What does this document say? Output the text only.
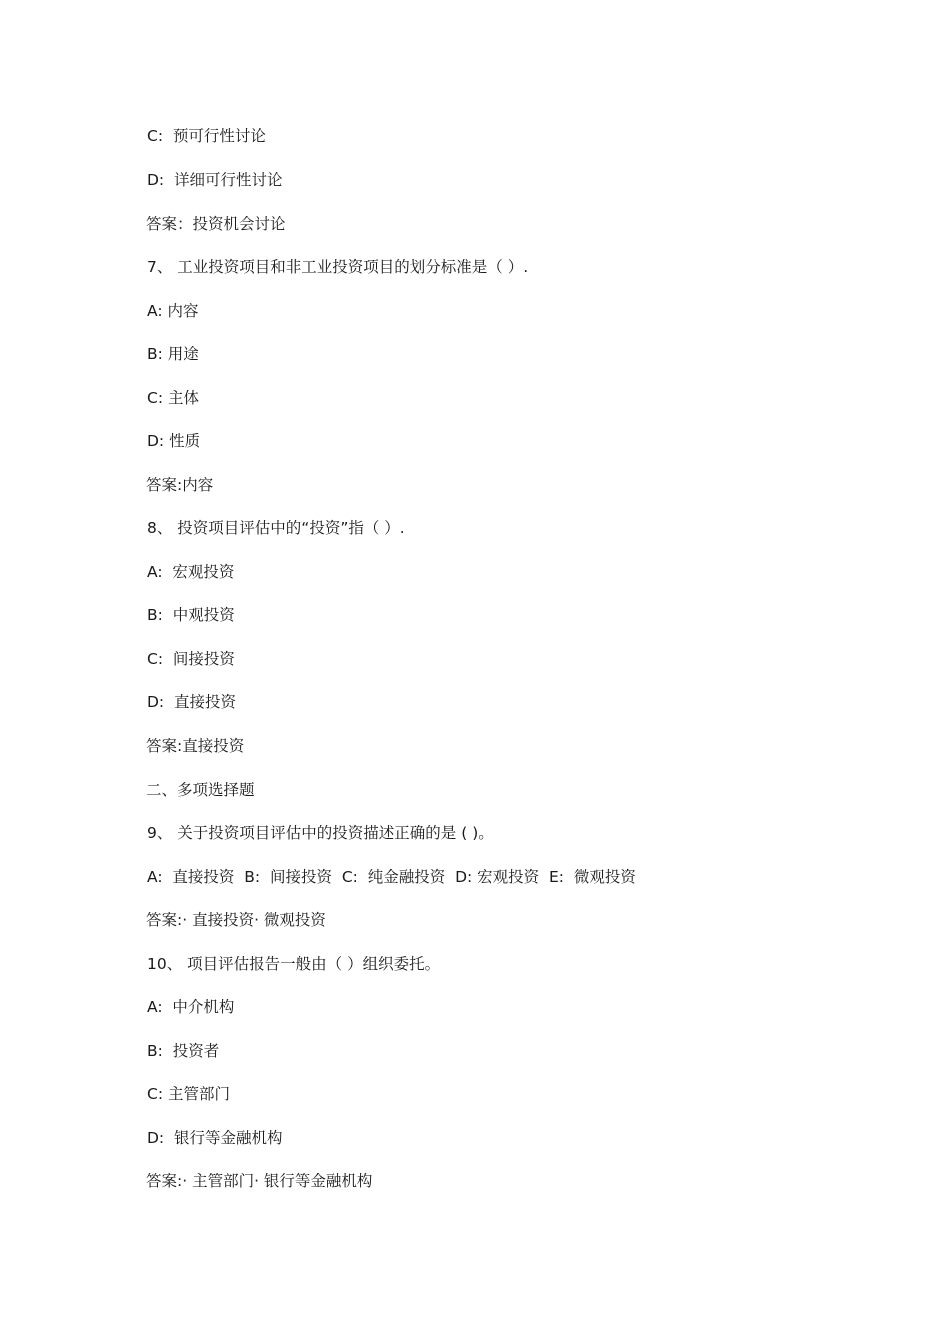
C:  预可行性讨论
D:  详细可行性讨论
答案：投资机会讨论
7、 工业投资项目和非工业投资项目的划分标准是（ ）.
A: 内容
B: 用途
C: 主体
D: 性质
答案:内容
8、 投资项目评估中的“投资”指（ ）.
A:  宏观投资
B:  中观投资
C:  间接投资
D:  直接投资
答案:直接投资
二、多项选择题
9、 关于投资项目评估中的投资描述正确的是 ( )。
A:  直接投资  B:  间接投资  C:  纯金融投资  D: 宏观投资  E:  微观投资
答案:· 直接投资· 微观投资
10、 项目评估报告一般由（ ）组织委托。
A:  中介机构
B:  投资者
C: 主管部门
D:  银行等金融机构
答案:· 主管部门· 银行等金融机构
